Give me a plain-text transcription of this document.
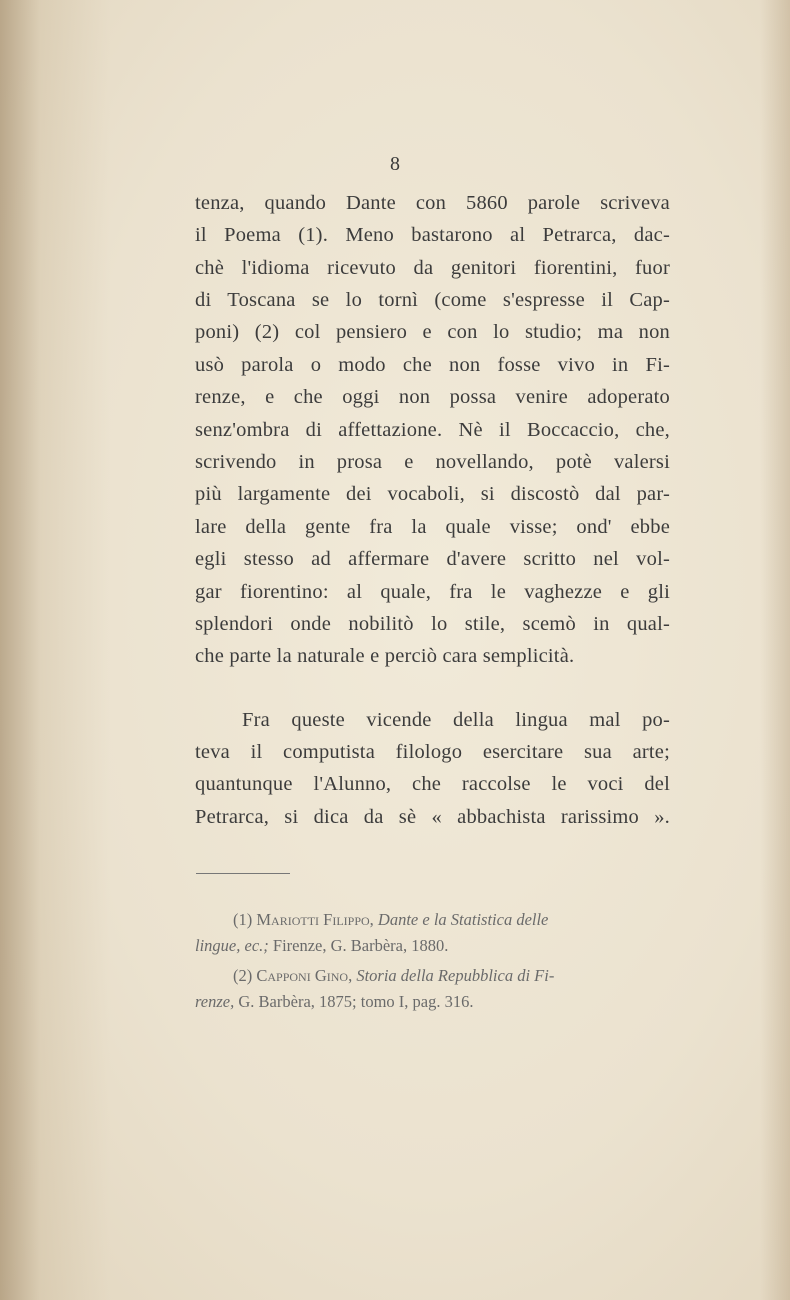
8
tenza, quando Dante con 5860 parole scriveva
il Poema (1). Meno bastarono al Petrarca, dac-
chè l'idioma ricevuto da genitori fiorentini, fuor
di Toscana se lo tornì (come s'espresse il Cap-
poni) (2) col pensiero e con lo studio; ma non
usò parola o modo che non fosse vivo in Fi-
renze, e che oggi non possa venire adoperato
senz'ombra di affettazione. Nè il Boccaccio, che,
scrivendo in prosa e novellando, potè valersi
più largamente dei vocaboli, si discostò dal par-
lare della gente fra la quale visse; ond' ebbe
egli stesso ad affermare d'avere scritto nel vol-
gar fiorentino: al quale, fra le vaghezze e gli
splendori onde nobilitò lo stile, scemò in qual-
che parte la naturale e perciò cara semplicità.
Fra queste vicende della lingua mal po-
teva il computista filologo esercitare sua arte;
quantunque l'Alunno, che raccolse le voci del
Petrarca, si dica da sè « abbachista rarissimo ».
(1) Mariotti Filippo, Dante e la Statistica delle
lingue, ec.; Firenze, G. Barbèra, 1880.
(2) Capponi Gino, Storia della Repubblica di Fi-
renze, G. Barbèra, 1875; tomo I, pag. 316.
